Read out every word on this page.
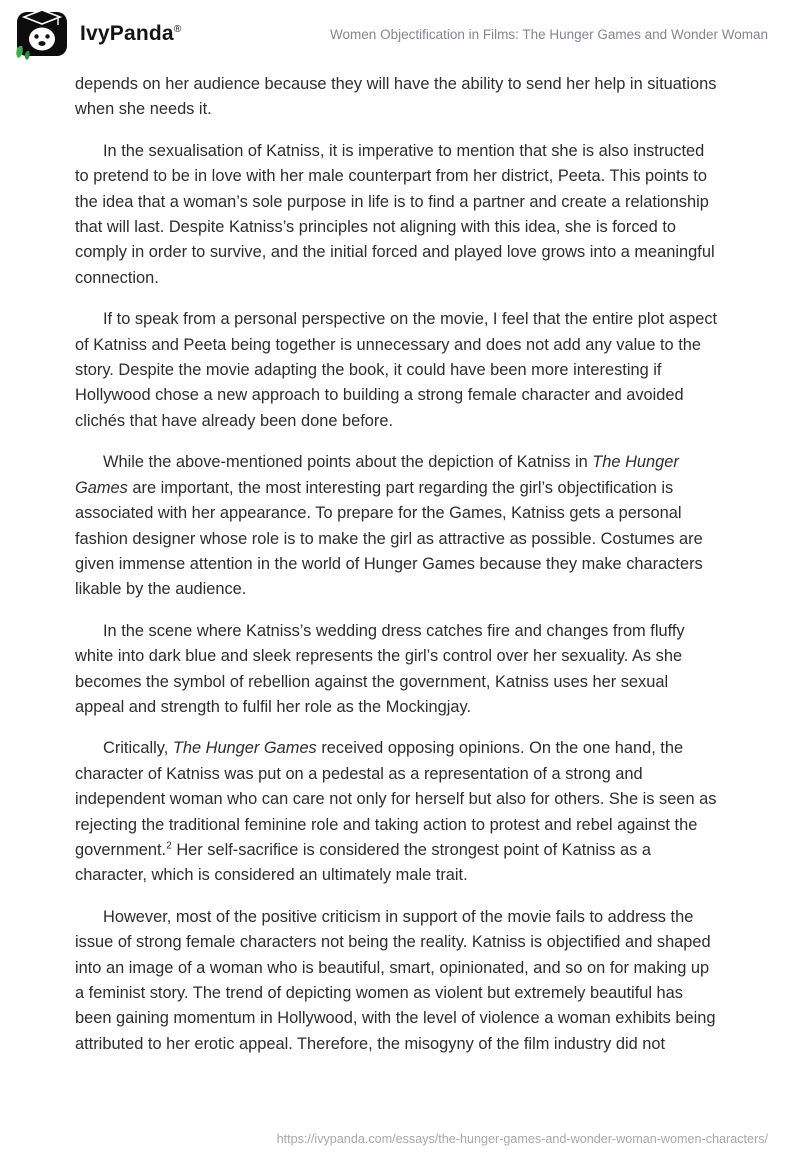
IvyPanda®	Women Objectification in Films: The Hunger Games and Wonder Woman

depends on her audience because they will have the ability to send her help in situations when she needs it.

In the sexualisation of Katniss, it is imperative to mention that she is also instructed to pretend to be in love with her male counterpart from her district, Peeta. This points to the idea that a woman’s sole purpose in life is to find a partner and create a relationship that will last. Despite Katniss’s principles not aligning with this idea, she is forced to comply in order to survive, and the initial forced and played love grows into a meaningful connection.

If to speak from a personal perspective on the movie, I feel that the entire plot aspect of Katniss and Peeta being together is unnecessary and does not add any value to the story. Despite the movie adapting the book, it could have been more interesting if Hollywood chose a new approach to building a strong female character and avoided clichés that have already been done before.

While the above-mentioned points about the depiction of Katniss in The Hunger Games are important, the most interesting part regarding the girl’s objectification is associated with her appearance. To prepare for the Games, Katniss gets a personal fashion designer whose role is to make the girl as attractive as possible. Costumes are given immense attention in the world of Hunger Games because they make characters likable by the audience.

In the scene where Katniss’s wedding dress catches fire and changes from fluffy white into dark blue and sleek represents the girl’s control over her sexuality. As she becomes the symbol of rebellion against the government, Katniss uses her sexual appeal and strength to fulfil her role as the Mockingjay.

Critically, The Hunger Games received opposing opinions. On the one hand, the character of Katniss was put on a pedestal as a representation of a strong and independent woman who can care not only for herself but also for others. She is seen as rejecting the traditional feminine role and taking action to protest and rebel against the government.$^2$ Her self-sacrifice is considered the strongest point of Katniss as a character, which is considered an ultimately male trait.

However, most of the positive criticism in support of the movie fails to address the issue of strong female characters not being the reality. Katniss is objectified and shaped into an image of a woman who is beautiful, smart, opinionated, and so on for making up a feminist story. The trend of depicting women as violent but extremely beautiful has been gaining momentum in Hollywood, with the level of violence a woman exhibits being attributed to her erotic appeal. Therefore, the misogyny of the film industry did not

https://ivypanda.com/essays/the-hunger-games-and-wonder-woman-women-characters/
